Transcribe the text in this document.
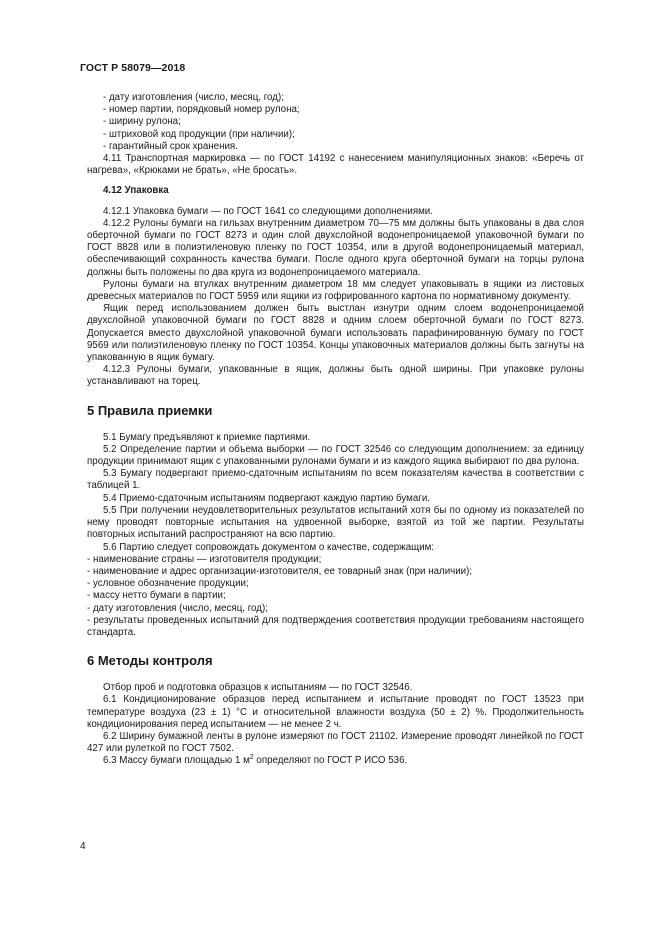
ГОСТ Р 58079—2018

- дату изготовления (число, месяц, год);

- номер партии, порядковый номер рулона;

- ширину рулона;

- штриховой код продукции (при наличии);

- гарантийный срок хранения.

4.11 Транспортная маркировка — по ГОСТ 14192 с нанесением манипуляционных знаков: «Беречь от нагрева», «Крюками не брать», «Не бросать».

4.12 Упаковка

4.12.1 Упаковка бумаги — по ГОСТ 1641 со следующими дополнениями.

4.12.2 Рулоны бумаги на гильзах внутренним диаметром 70—75 мм должны быть упакованы в два слоя оберточной бумаги по ГОСТ 8273 и один слой двухслойной водонепроницаемой упаковочной бумаги по ГОСТ 8828 или в полиэтиленовую пленку по ГОСТ 10354, или в другой водонепроницаемый материал, обеспечивающий сохранность качества бумаги. После одного круга оберточной бумаги на торцы рулона должны быть положены по два круга из водонепроницаемого материала.

Рулоны бумаги на втулках внутренним диаметром 18 мм следует упаковывать в ящики из листовых древесных материалов по ГОСТ 5959 или ящики из гофрированного картона по нормативному документу.

Ящик перед использованием должен быть выстлан изнутри одним слоем водонепроницаемой двухслойной упаковочной бумаги по ГОСТ 8828 и одним слоем оберточной бумаги по ГОСТ 8273. Допускается вместо двухслойной упаковочной бумаги использовать парафинированную бумагу по ГОСТ 9569 или полиэтиленовую пленку по ГОСТ 10354. Концы упаковочных материалов должны быть загнуты на упакованную в ящик бумагу.

4.12.3 Рулоны бумаги, упакованные в ящик, должны быть одной ширины. При упаковке рулоны устанавливают на торец.

5 Правила приемки

5.1 Бумагу предъявляют к приемке партиями.

5.2 Определение партии и объема выборки — по ГОСТ 32546 со следующим дополнением: за единицу продукции принимают ящик с упакованными рулонами бумаги и из каждого ящика выбирают по два рулона.

5.3 Бумагу подвергают приемо-сдаточным испытаниям по всем показателям качества в соответствии с таблицей 1.

5.4 Приемо-сдаточным испытаниям подвергают каждую партию бумаги.

5.5 При получении неудовлетворительных результатов испытаний хотя бы по одному из показателей по нему проводят повторные испытания на удвоенной выборке, взятой из той же партии. Результаты повторных испытаний распространяют на всю партию.

5.6 Партию следует сопровождать документом о качестве, содержащим:

- наименование страны — изготовителя продукции;

- наименование и адрес организации-изготовителя, ее товарный знак (при наличии);

- условное обозначение продукции;

- массу нетто бумаги в партии;

- дату изготовления (число, месяц, год);

- результаты проведенных испытаний для подтверждения соответствия продукции требованиям настоящего стандарта.

6 Методы контроля

Отбор проб и подготовка образцов к испытаниям — по ГОСТ 32546.

6.1 Кондиционирование образцов перед испытанием и испытание проводят по ГОСТ 13523 при температуре воздуха (23 ± 1) °С и относительной влажности воздуха (50 ± 2) %. Продолжительность кондиционирования перед испытанием — не менее 2 ч.

6.2 Ширину бумажной ленты в рулоне измеряют по ГОСТ 21102. Измерение проводят линейкой по ГОСТ 427 или рулеткой по ГОСТ 7502.

6.3 Массу бумаги площадью 1 $м^2$ определяют по ГОСТ Р ИСО 536.

4
